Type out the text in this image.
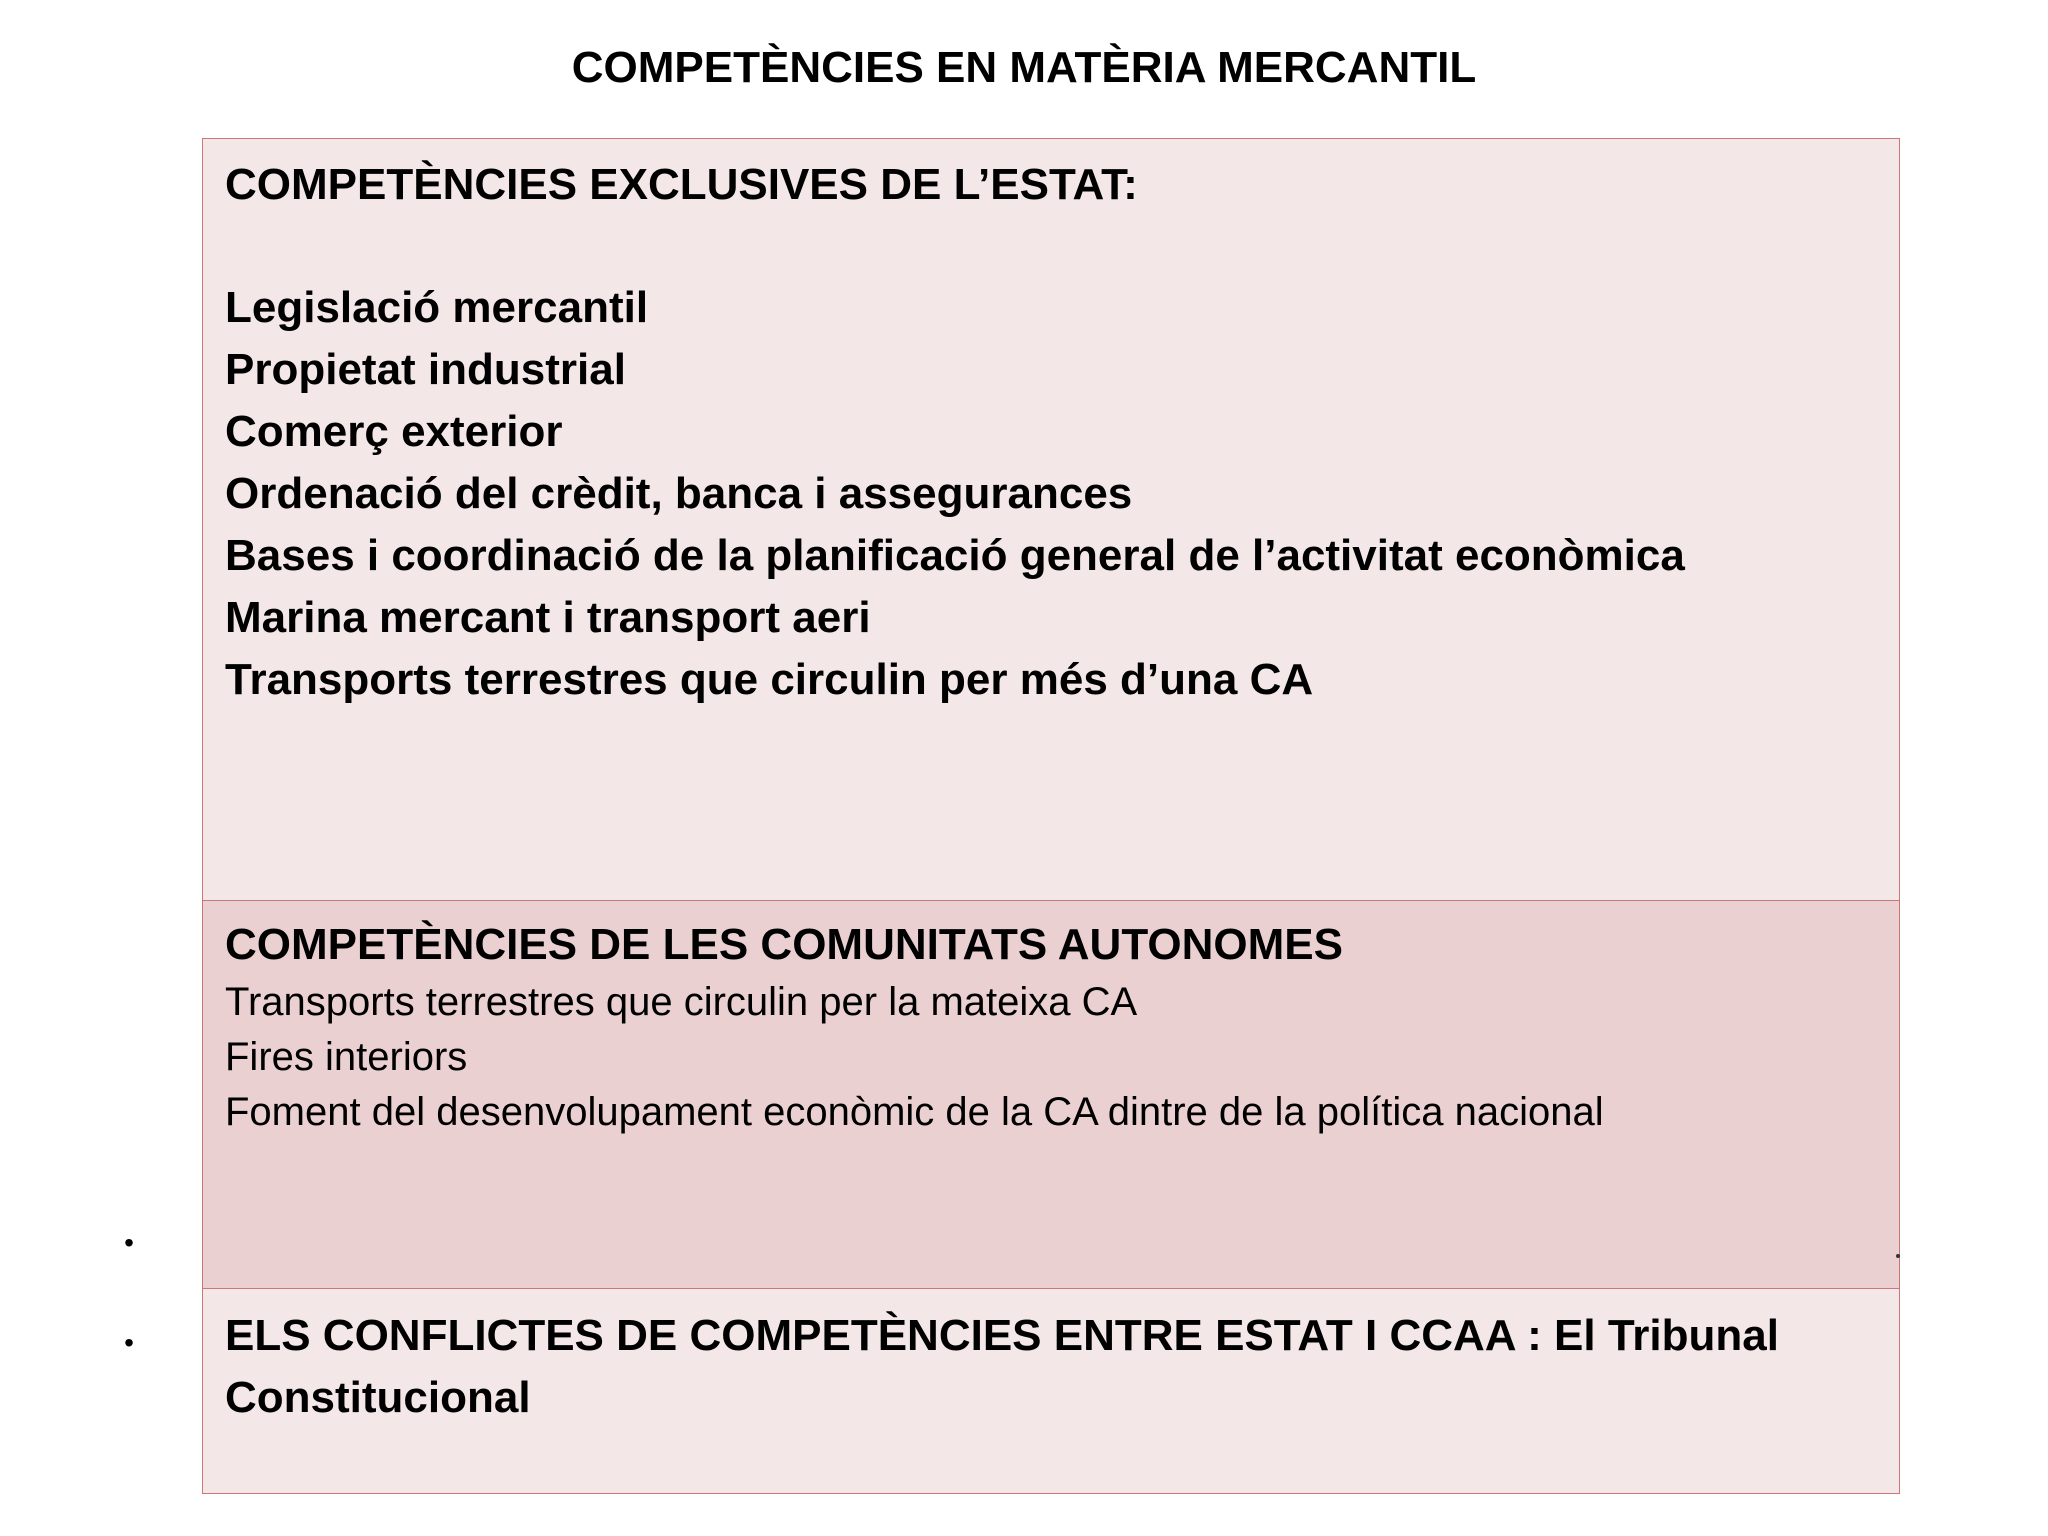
COMPETÈNCIES EN MATÈRIA MERCANTIL

COMPETÈNCIES EXCLUSIVES DE L’ESTAT:

Legislació mercantil
Propietat industrial
Comerç exterior
Ordenació del crèdit, banca i assegurances
Bases i coordinació de la planificació general de l’activitat econòmica
Marina mercant i transport aeri
Transports terrestres que circulin per més d’una CA

COMPETÈNCIES DE LES COMUNITATS AUTONOMES

Transports terrestres que circulin per la mateixa CA
Fires interiors
Foment del desenvolupament econòmic de la CA dintre de la política nacional

ELS CONFLICTES DE COMPETÈNCIES ENTRE ESTAT I CCAA : El Tribunal Constitucional

•
•
